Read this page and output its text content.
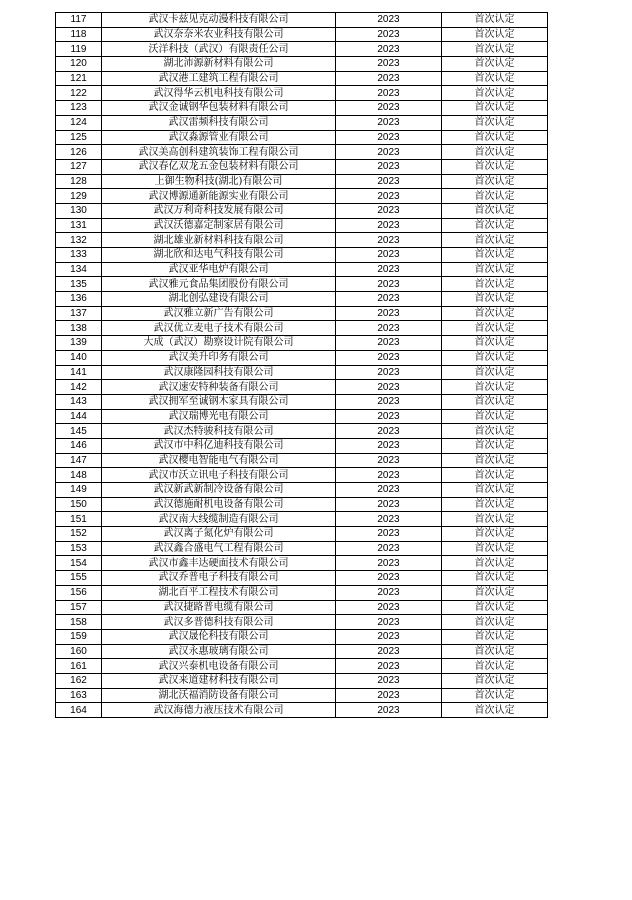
117	武汉卡兹见克动漫科技有限公司	2023	首次认定
118	武汉奈奈米农业科技有限公司	2023	首次认定
119	沃洋科技（武汉）有限责任公司	2023	首次认定
120	湖北沛源新材料有限公司	2023	首次认定
121	武汉港工建筑工程有限公司	2023	首次认定
122	武汉得华云机电科技有限公司	2023	首次认定
123	武汉金诚钢华包装材料有限公司	2023	首次认定
124	武汉雷频科技有限公司	2023	首次认定
125	武汉淼源管业有限公司	2023	首次认定
126	武汉美高创科建筑装饰工程有限公司	2023	首次认定
127	武汉春亿双龙五金包装材料有限公司	2023	首次认定
128	上御生物科技(湖北)有限公司	2023	首次认定
129	武汉博源通新能源实业有限公司	2023	首次认定
130	武汉万利奇科技发展有限公司	2023	首次认定
131	武汉沃德嘉定制家居有限公司	2023	首次认定
132	湖北雄业新材料科技有限公司	2023	首次认定
133	湖北欣和达电气科技有限公司	2023	首次认定
134	武汉亚华电炉有限公司	2023	首次认定
135	武汉雅元食品集团股份有限公司	2023	首次认定
136	湖北创弘建设有限公司	2023	首次认定
137	武汉雅立新广告有限公司	2023	首次认定
138	武汉优立麦电子技术有限公司	2023	首次认定
139	大成（武汉）勘察设计院有限公司	2023	首次认定
140	武汉美升印务有限公司	2023	首次认定
141	武汉康隆园科技有限公司	2023	首次认定
142	武汉速安特种装备有限公司	2023	首次认定
143	武汉拥军至诚钢木家具有限公司	2023	首次认定
144	武汉瑞博光电有限公司	2023	首次认定
145	武汉杰特骏科技有限公司	2023	首次认定
146	武汉市中科亿迪科技有限公司	2023	首次认定
147	武汉樱电智能电气有限公司	2023	首次认定
148	武汉市沃立讯电子科技有限公司	2023	首次认定
149	武汉新武新制冷设备有限公司	2023	首次认定
150	武汉德施耐机电设备有限公司	2023	首次认定
151	武汉南大线缆制造有限公司	2023	首次认定
152	武汉离子氮化炉有限公司	2023	首次认定
153	武汉鑫合盛电气工程有限公司	2023	首次认定
154	武汉市鑫丰达硬面技术有限公司	2023	首次认定
155	武汉乔普电子科技有限公司	2023	首次认定
156	湖北百平工程技术有限公司	2023	首次认定
157	武汉捷路普电缆有限公司	2023	首次认定
158	武汉多普德科技有限公司	2023	首次认定
159	武汉晟伦科技有限公司	2023	首次认定
160	武汉永惠玻璃有限公司	2023	首次认定
161	武汉兴泰机电设备有限公司	2023	首次认定
162	武汉来道建材科技有限公司	2023	首次认定
163	湖北沃福消防设备有限公司	2023	首次认定
164	武汉海德力液压技术有限公司	2023	首次认定
